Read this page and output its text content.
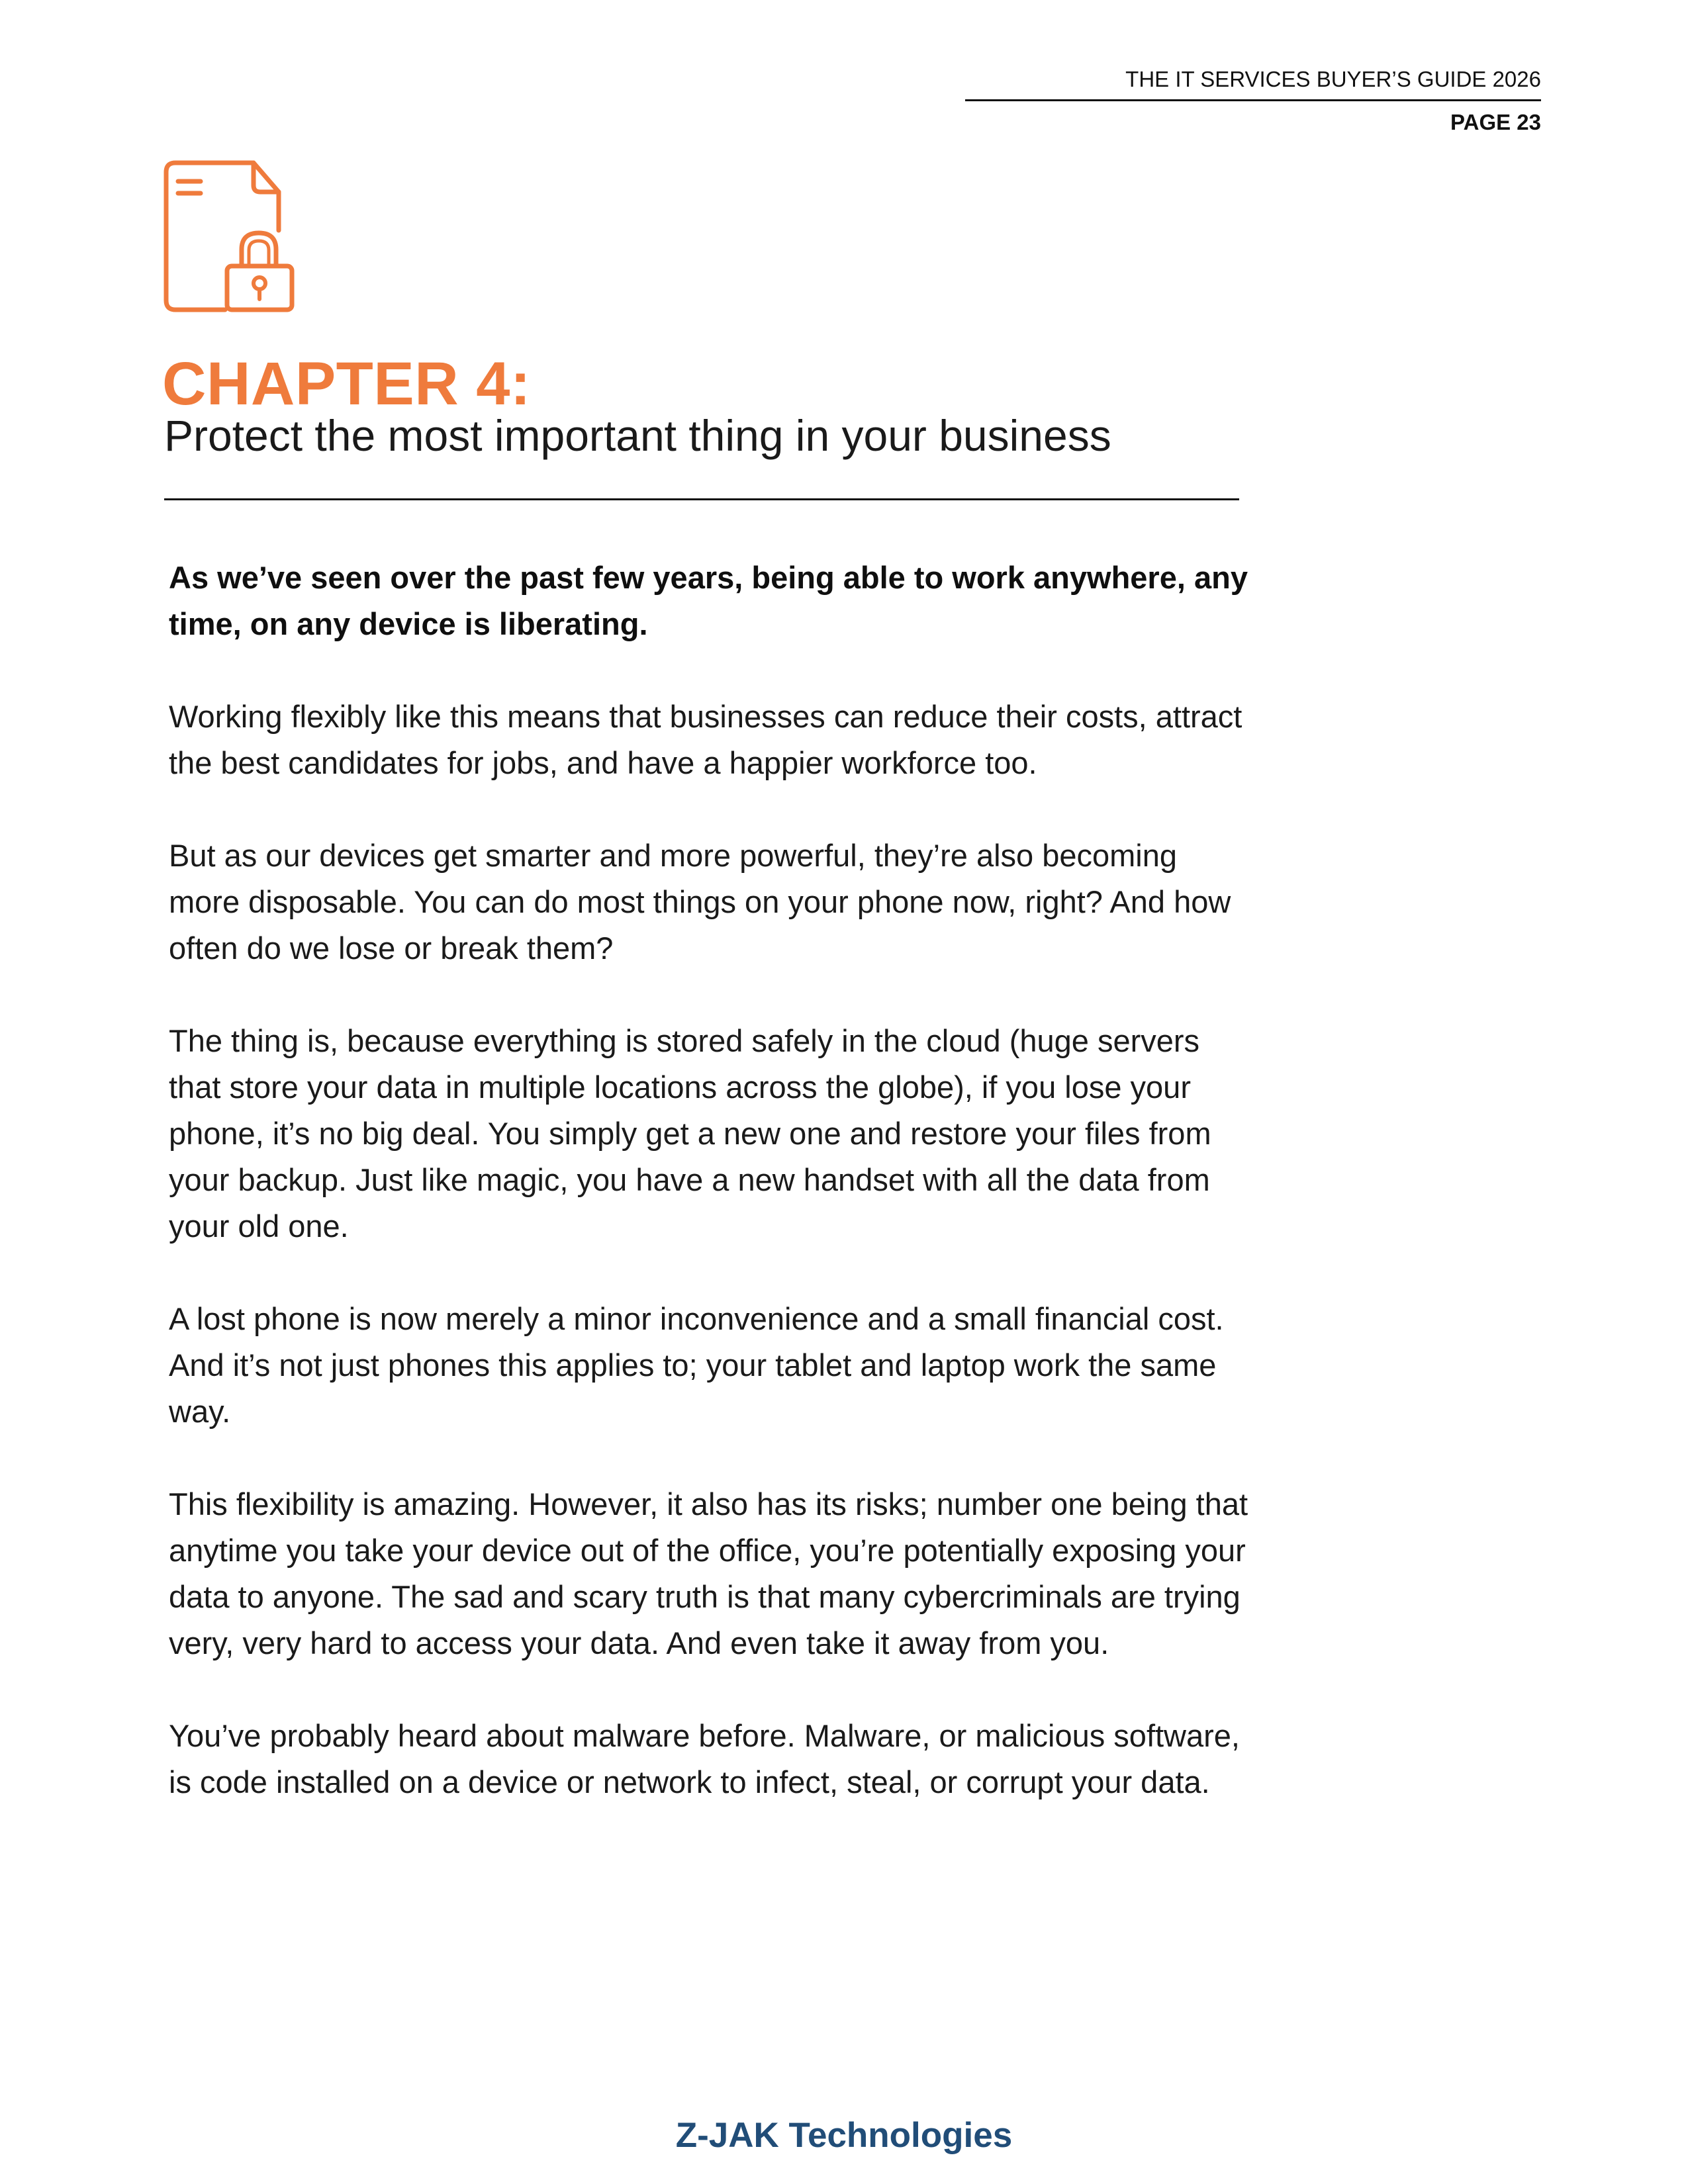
THE IT SERVICES BUYER’S GUIDE 2026
PAGE 23
CHAPTER 4:
Protect the most important thing in your business

As we’ve seen over the past few years, being able to work anywhere, any time, on any device is liberating.

Working flexibly like this means that businesses can reduce their costs, attract the best candidates for jobs, and have a happier workforce too.

But as our devices get smarter and more powerful, they’re also becoming more disposable. You can do most things on your phone now, right? And how often do we lose or break them?

The thing is, because everything is stored safely in the cloud (huge servers that store your data in multiple locations across the globe), if you lose your phone, it’s no big deal. You simply get a new one and restore your files from your backup. Just like magic, you have a new handset with all the data from your old one.

A lost phone is now merely a minor inconvenience and a small financial cost. And it’s not just phones this applies to; your tablet and laptop work the same way.

This flexibility is amazing. However, it also has its risks; number one being that anytime you take your device out of the office, you’re potentially exposing your data to anyone. The sad and scary truth is that many cybercriminals are trying very, very hard to access your data. And even take it away from you.

You’ve probably heard about malware before. Malware, or malicious software, is code installed on a device or network to infect, steal, or corrupt your data.

Z-JAK Technologies
